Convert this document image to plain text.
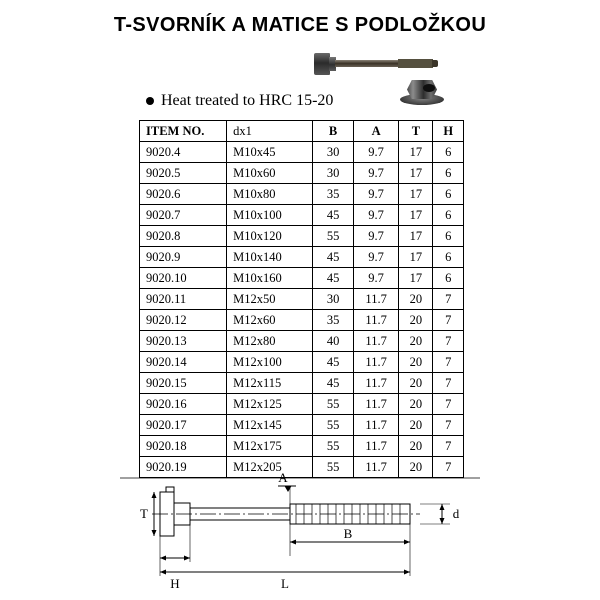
T-SVORNÍK A MATICE S PODLOŽKOU
Heat treated to HRC 15-20
ITEM NO.	dx1	B	A	T	H
9020.4	M10x45	30	9.7	17	6
9020.5	M10x60	30	9.7	17	6
9020.6	M10x80	35	9.7	17	6
9020.7	M10x100	45	9.7	17	6
9020.8	M10x120	55	9.7	17	6
9020.9	M10x140	45	9.7	17	6
9020.10	M10x160	45	9.7	17	6
9020.11	M12x50	30	11.7	20	7
9020.12	M12x60	35	11.7	20	7
9020.13	M12x80	40	11.7	20	7
9020.14	M12x100	45	11.7	20	7
9020.15	M12x115	45	11.7	20	7
9020.16	M12x125	55	11.7	20	7
9020.17	M12x145	55	11.7	20	7
9020.18	M12x175	55	11.7	20	7
9020.19	M12x205	55	11.7	20	7
A
B
H	L
d
T
